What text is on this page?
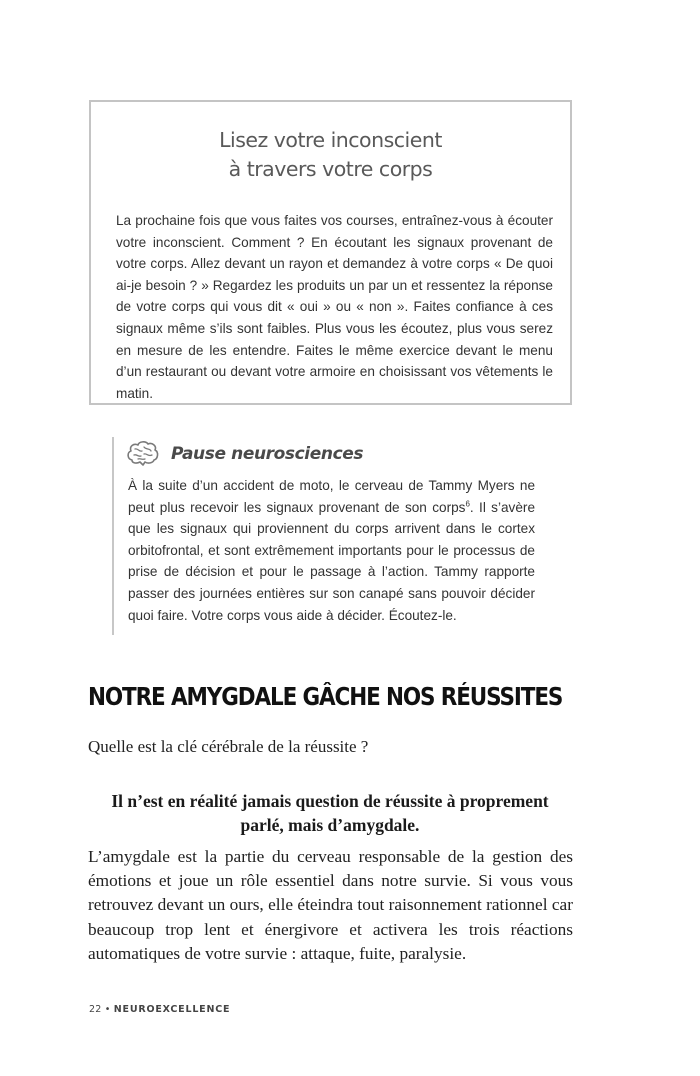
Lisez votre inconscient
à travers votre corps

La prochaine fois que vous faites vos courses, entraînez-vous à écouter votre inconscient. Comment ? En écoutant les signaux provenant de votre corps. Allez devant un rayon et demandez à votre corps « De quoi ai-je besoin ? » Regardez les produits un par un et ressentez la réponse de votre corps qui vous dit « oui » ou « non ». Faites confiance à ces signaux même s’ils sont faibles. Plus vous les écoutez, plus vous serez en mesure de les entendre. Faites le même exercice devant le menu d’un restaurant ou devant votre armoire en choisissant vos vêtements le matin.

Pause neurosciences

À la suite d’un accident de moto, le cerveau de Tammy Myers ne peut plus recevoir les signaux provenant de son corps$^6$. Il s’avère que les signaux qui proviennent du corps arrivent dans le cortex orbitofrontal, et sont extrêmement importants pour le processus de prise de décision et pour le passage à l’action. Tammy rapporte passer des journées entières sur son canapé sans pouvoir décider quoi faire. Votre corps vous aide à décider. Écoutez-le.

NOTRE AMYGDALE GÂCHE NOS RÉUSSITES

Quelle est la clé cérébrale de la réussite ?

Il n’est en réalité jamais question de réussite à proprement
parlé, mais d’amygdale.

L’amygdale est la partie du cerveau responsable de la gestion des émotions et joue un rôle essentiel dans notre survie. Si vous vous retrouvez devant un ours, elle éteindra tout raisonnement rationnel car beaucoup trop lent et énergivore et activera les trois réactions automatiques de votre survie : attaque, fuite, paralysie.

22 • NEUROEXCELLENCE
